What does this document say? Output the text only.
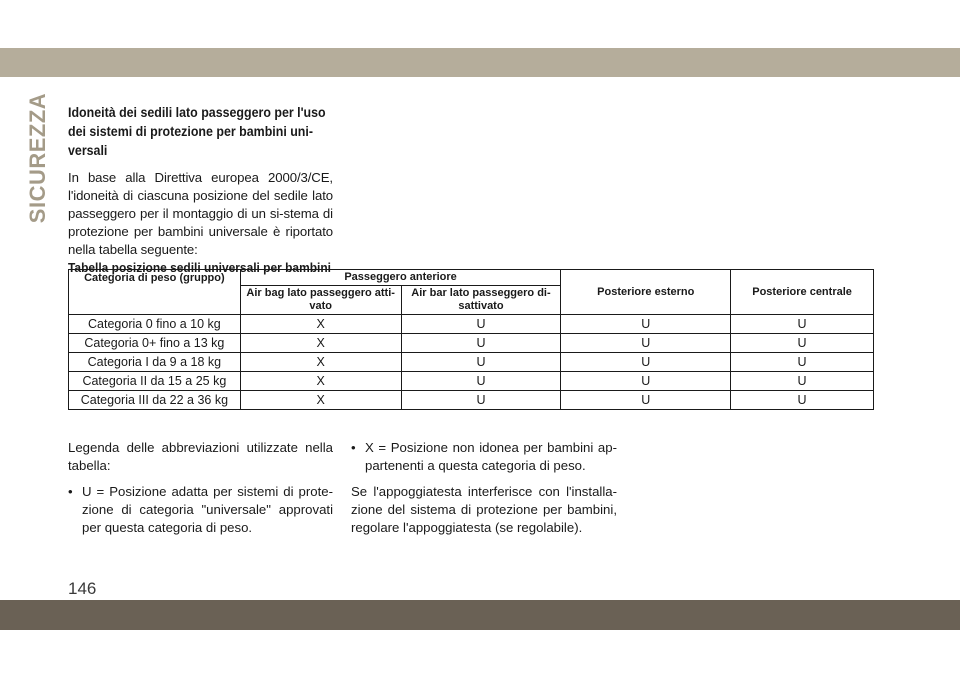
SICUREZZA Idoneità dei sedili lato passeggero per l'uso dei sistemi di protezione per bambini uni-versali

In base alla Direttiva europea 2000/3/CE, l'idoneità di ciascuna posizione del sedile lato passeggero per il montaggio di un si-stema di protezione per bambini universale è riportato nella tabella seguente:

Tabella posizione sedili universali per bambini
Categoria di peso (gruppo)	Passeggero anteriore		Posteriore esterno	Posteriore centrale
	Air bag lato passeggero atti-vato	Air bar lato passeggero di-sattivato		
Categoria 0 fino a 10 kg	X	U	U	U
Categoria 0+ fino a 13 kg	X	U	U	U
Categoria I da 9 a 18 kg	X	U	U	U
Categoria II da 15 a 25 kg	X	U	U	U
Categoria III da 22 a 36 kg	X	U	U	U

Legenda delle abbreviazioni utilizzate nella tabella:

• U = Posizione adatta per sistemi di prote-zione di categoria "universale" approvati per questa categoria di peso.
• X = Posizione non idonea per bambini ap-partenenti a questa categoria di peso.

Se l'appoggiatesta interferisce con l'installa-zione del sistema di protezione per bambini, regolare l'appoggiatesta (se regolabile).

146
